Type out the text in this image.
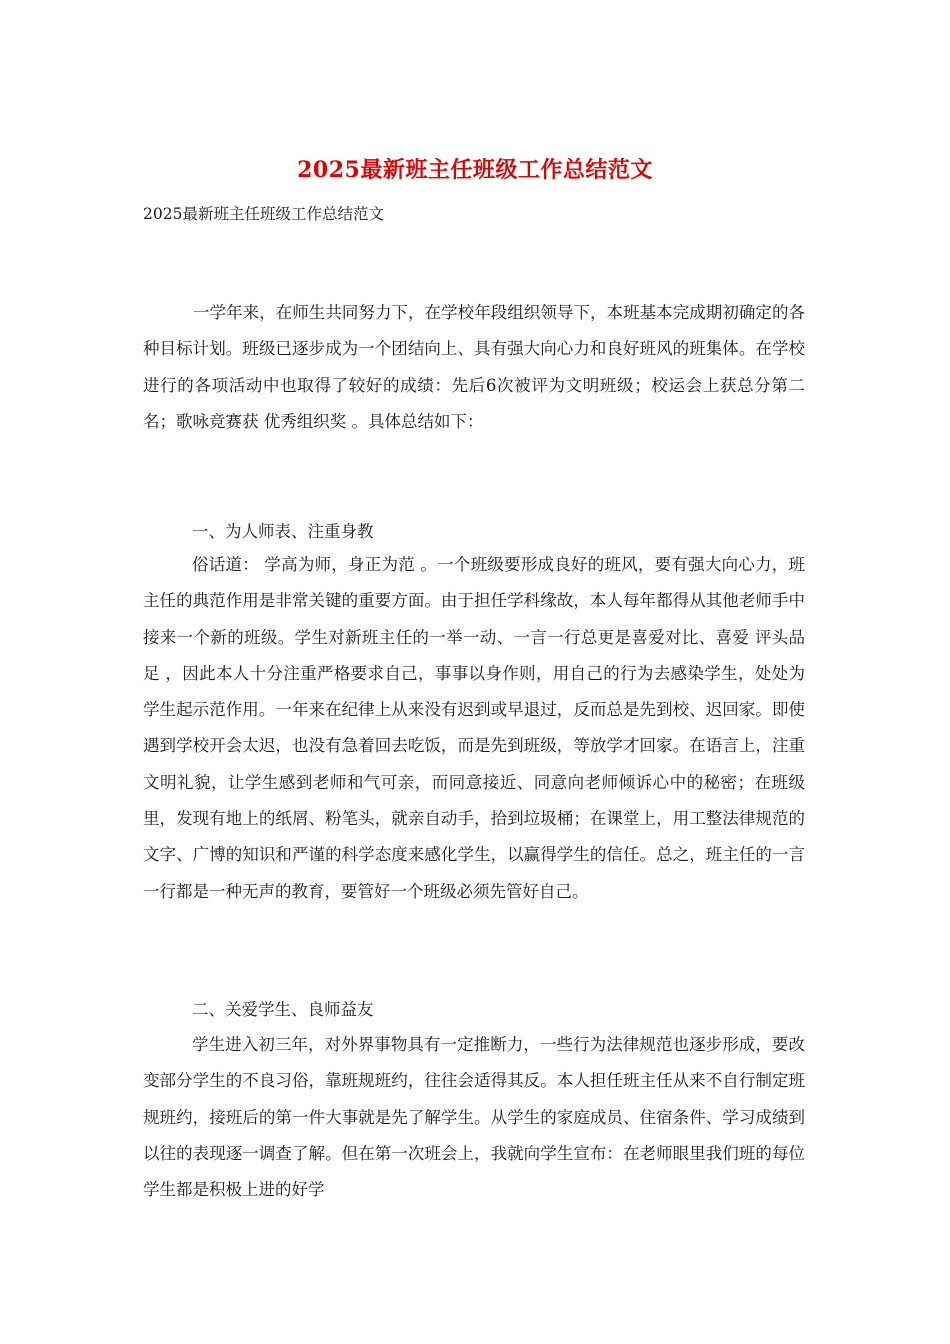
2025最新班主任班级工作总结范文

2025最新班主任班级工作总结范文

一学年来，在师生共同努力下，在学校年段组织领导下，本班基本完成期初确定的各种目标计划。班级已逐步成为一个团结向上、具有强大向心力和良好班风的班集体。在学校进行的各项活动中也取得了较好的成绩：先后6次被评为文明班级；校运会上获总分第二名；歌咏竞赛获 优秀组织奖 。具体总结如下：

一、为人师表、注重身教

俗话道： 学高为师，身正为范 。一个班级要形成良好的班风，要有强大向心力，班主任的典范作用是非常关键的重要方面。由于担任学科缘故，本人每年都得从其他老师手中接来一个新的班级。学生对新班主任的一举一动、一言一行总更是喜爱对比、喜爱 评头品足 ，因此本人十分注重严格要求自己，事事以身作则，用自己的行为去感染学生，处处为学生起示范作用。一年来在纪律上从来没有迟到或早退过，反而总是先到校、迟回家。即使遇到学校开会太迟，也没有急着回去吃饭，而是先到班级，等放学才回家。在语言上，注重文明礼貌，让学生感到老师和气可亲，而同意接近、同意向老师倾诉心中的秘密；在班级里，发现有地上的纸屑、粉笔头，就亲自动手，拾到垃圾桶；在课堂上，用工整法律规范的文字、广博的知识和严谨的科学态度来感化学生，以赢得学生的信任。总之，班主任的一言一行都是一种无声的教育，要管好一个班级必须先管好自己。

二、关爱学生、良师益友

学生进入初三年，对外界事物具有一定推断力，一些行为法律规范也逐步形成，要改变部分学生的不良习俗，靠班规班约，往往会适得其反。本人担任班主任从来不自行制定班规班约，接班后的第一件大事就是先了解学生。从学生的家庭成员、住宿条件、学习成绩到以往的表现逐一调查了解。但在第一次班会上，我就向学生宣布：在老师眼里我们班的每位学生都是积极上进的好学
